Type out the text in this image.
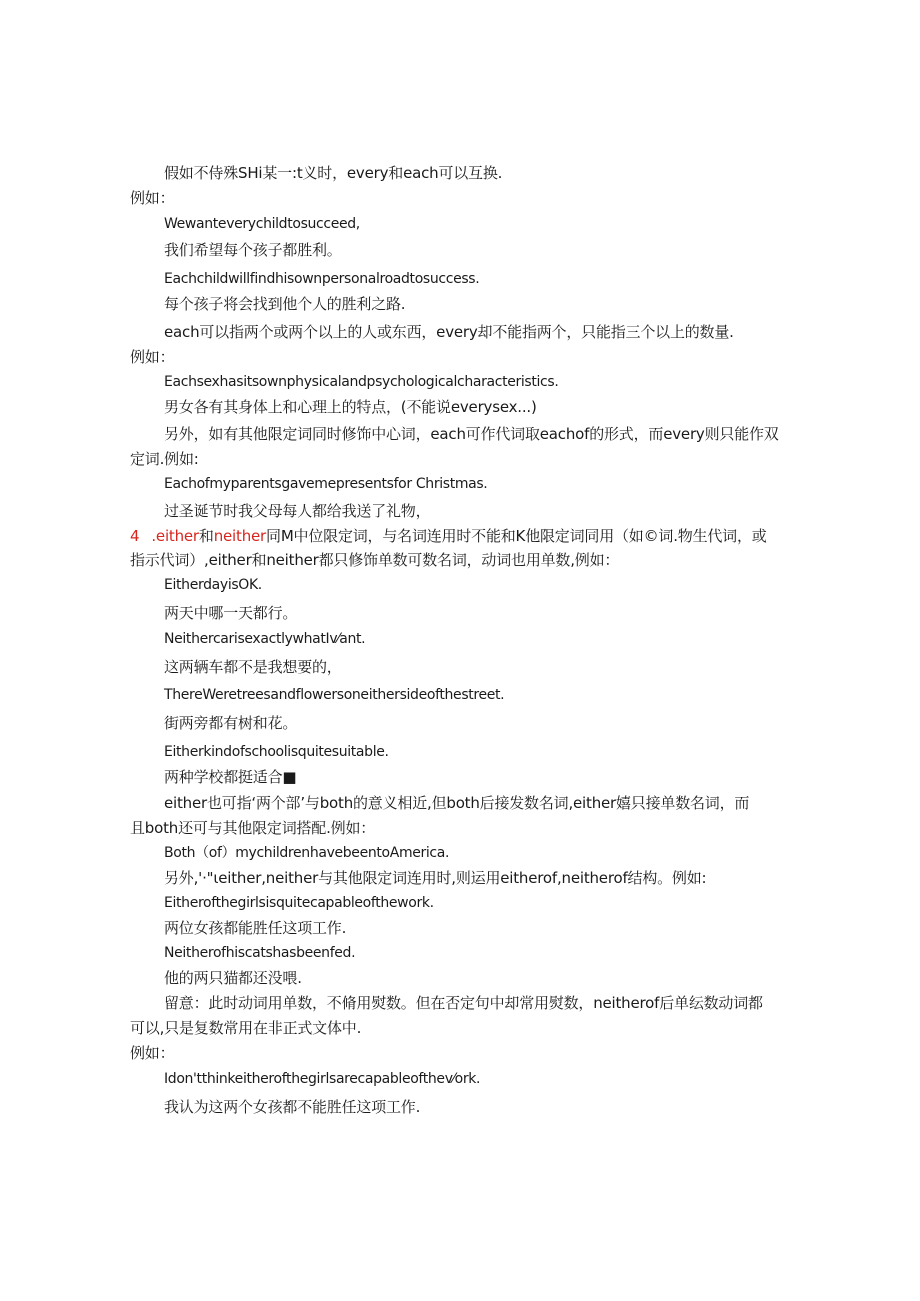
假如不侍殊SHi某一:t义时，every和each可以互换.
例如：
Wewanteverychildtosucceed,
我们希望每个孩子都胜利。
Eachchildwillfindhisownpersonalroadtosuccess.
每个孩子将会找到他个人的胜利之路.
each可以指两个或两个以上的人或东西，every却不能指两个，只能指三个以上的数量.
例如：
Eachsexhasitsownphysicalandpsychologicalcharacteristics.
男女各有其身体上和心理上的特点，(不能说everysex...)
另外，如有其他限定词同时修饰中心词，each可作代词取eachof的形式，而every则只能作双
定词.例如:
Eachofmyparentsgavemepresentsfor Christmas.
过圣诞节时我父母每人都给我送了礼物，
4 .either和neither同M中位限定词，与名词连用时不能和K他限定词同用（如©词.物生代词，或
指示代词）,either和neither都只修饰单数可数名词，动词也用单数,例如：
EitherdayisOK.
两天中哪一天都行。
NeithercarisexactlywhatIv⁄ant.
这两辆车都不是我想要的，
ThereWeretreesandflowersoneithersideofthestreet.
街两旁都有树和花。
Eitherkindofschoolisquitesuitable.
两种学校都挺适合■
either也可指‘两个部’与both的意义相近,但both后接发数名词,either嬉只接单数名词，而
且both还可与其他限定词搭配.例如：
Both（of）mychildrenhavebeentoAmerica.
另外,'·"ιeither,neither与其他限定词连用时,则运用eitherof,neitherof结构。例如:
Eitherofthegirlsisquitecapableofthework.
两位女孩都能胜任这项工作.
Neitherofhiscatshasbeenfed.
他的两只猫都还没喂.
留意：此时动词用单数，不脩用熨数。但在否定句中却常用熨数，neitherof后单纭数动词都
可以,只是复数常用在非正式文体中.
例如：
Idon'tthinkeitherofthegirlsarecapableofthev⁄ork.
我认为这两个女孩都不能胜任这项工作.
